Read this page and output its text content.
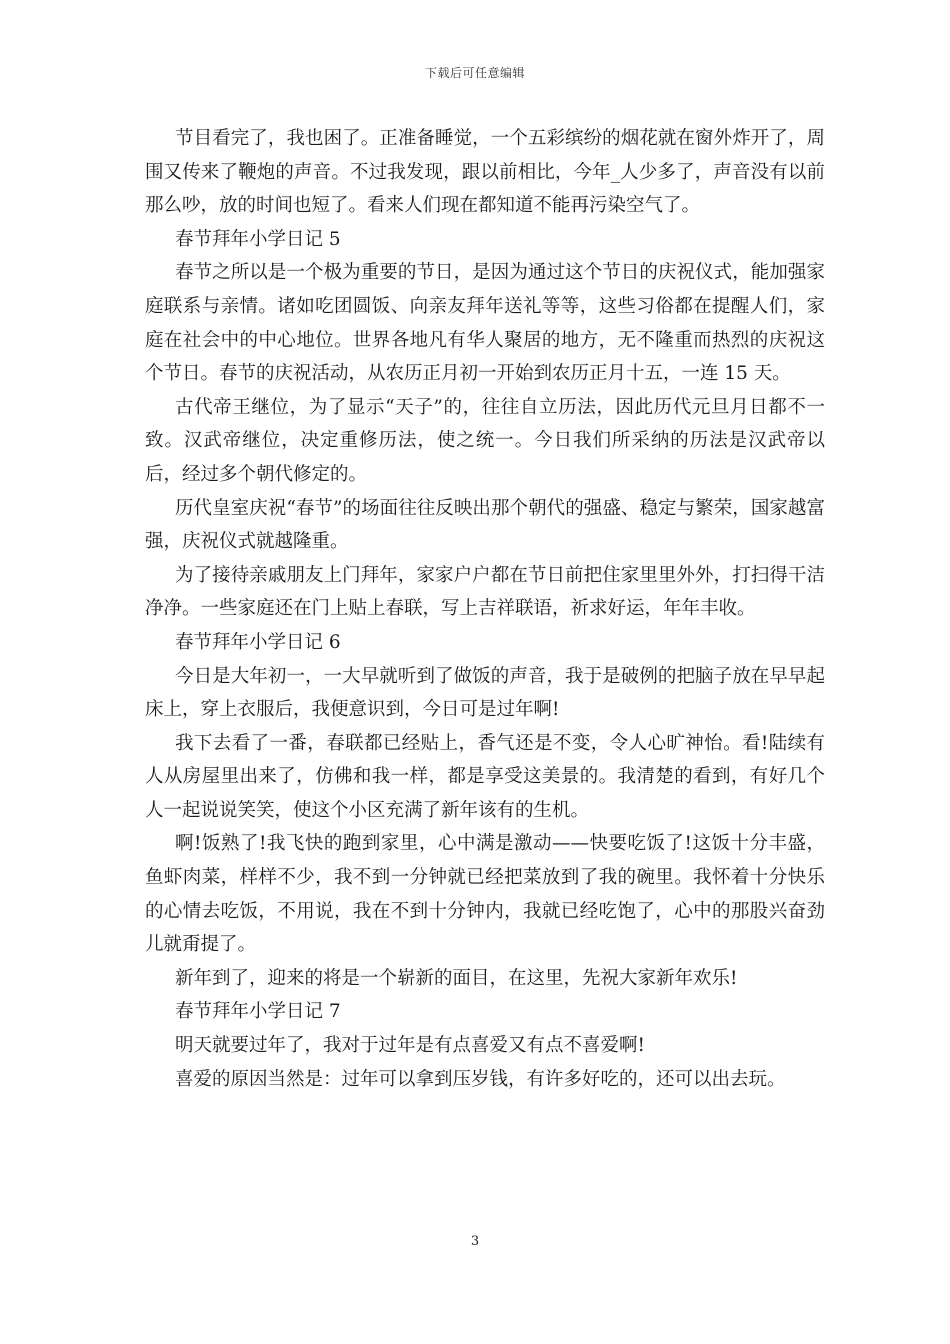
下载后可任意编辑

节目看完了，我也困了。正准备睡觉，一个五彩缤纷的烟花就在窗外炸开了，周围又传来了鞭炮的声音。不过我发现，跟以前相比，今年_人少多了，声音没有以前那么吵，放的时间也短了。看来人们现在都知道不能再污染空气了。

春节拜年小学日记 5

春节之所以是一个极为重要的节日，是因为通过这个节日的庆祝仪式，能加强家庭联系与亲情。诸如吃团圆饭、向亲友拜年送礼等等，这些习俗都在提醒人们，家庭在社会中的中心地位。世界各地凡有华人聚居的地方，无不隆重而热烈的庆祝这个节日。春节的庆祝活动，从农历正月初一开始到农历正月十五，一连 15 天。

古代帝王继位，为了显示“天子”的，往往自立历法，因此历代元旦月日都不一致。汉武帝继位，决定重修历法，使之统一。今日我们所采纳的历法是汉武帝以后，经过多个朝代修定的。

历代皇室庆祝“春节”的场面往往反映出那个朝代的强盛、稳定与繁荣，国家越富强，庆祝仪式就越隆重。

为了接待亲戚朋友上门拜年，家家户户都在节日前把住家里里外外，打扫得干洁净净。一些家庭还在门上贴上春联，写上吉祥联语，祈求好运，年年丰收。

春节拜年小学日记 6

今日是大年初一，一大早就听到了做饭的声音，我于是破例的把脑子放在早早起床上，穿上衣服后，我便意识到，今日可是过年啊!

我下去看了一番，春联都已经贴上，香气还是不变，令人心旷神怡。看!陆续有人从房屋里出来了，仿佛和我一样，都是享受这美景的。我清楚的看到，有好几个人一起说说笑笑，使这个小区充满了新年该有的生机。

啊!饭熟了!我飞快的跑到家里，心中满是激动——快要吃饭了!这饭十分丰盛，鱼虾肉菜，样样不少，我不到一分钟就已经把菜放到了我的碗里。我怀着十分快乐的心情去吃饭，不用说，我在不到十分钟内，我就已经吃饱了，心中的那股兴奋劲儿就甭提了。

新年到了，迎来的将是一个崭新的面目，在这里，先祝大家新年欢乐!

春节拜年小学日记 7

明天就要过年了，我对于过年是有点喜爱又有点不喜爱啊!

喜爱的原因当然是：过年可以拿到压岁钱，有许多好吃的，还可以出去玩。

3
